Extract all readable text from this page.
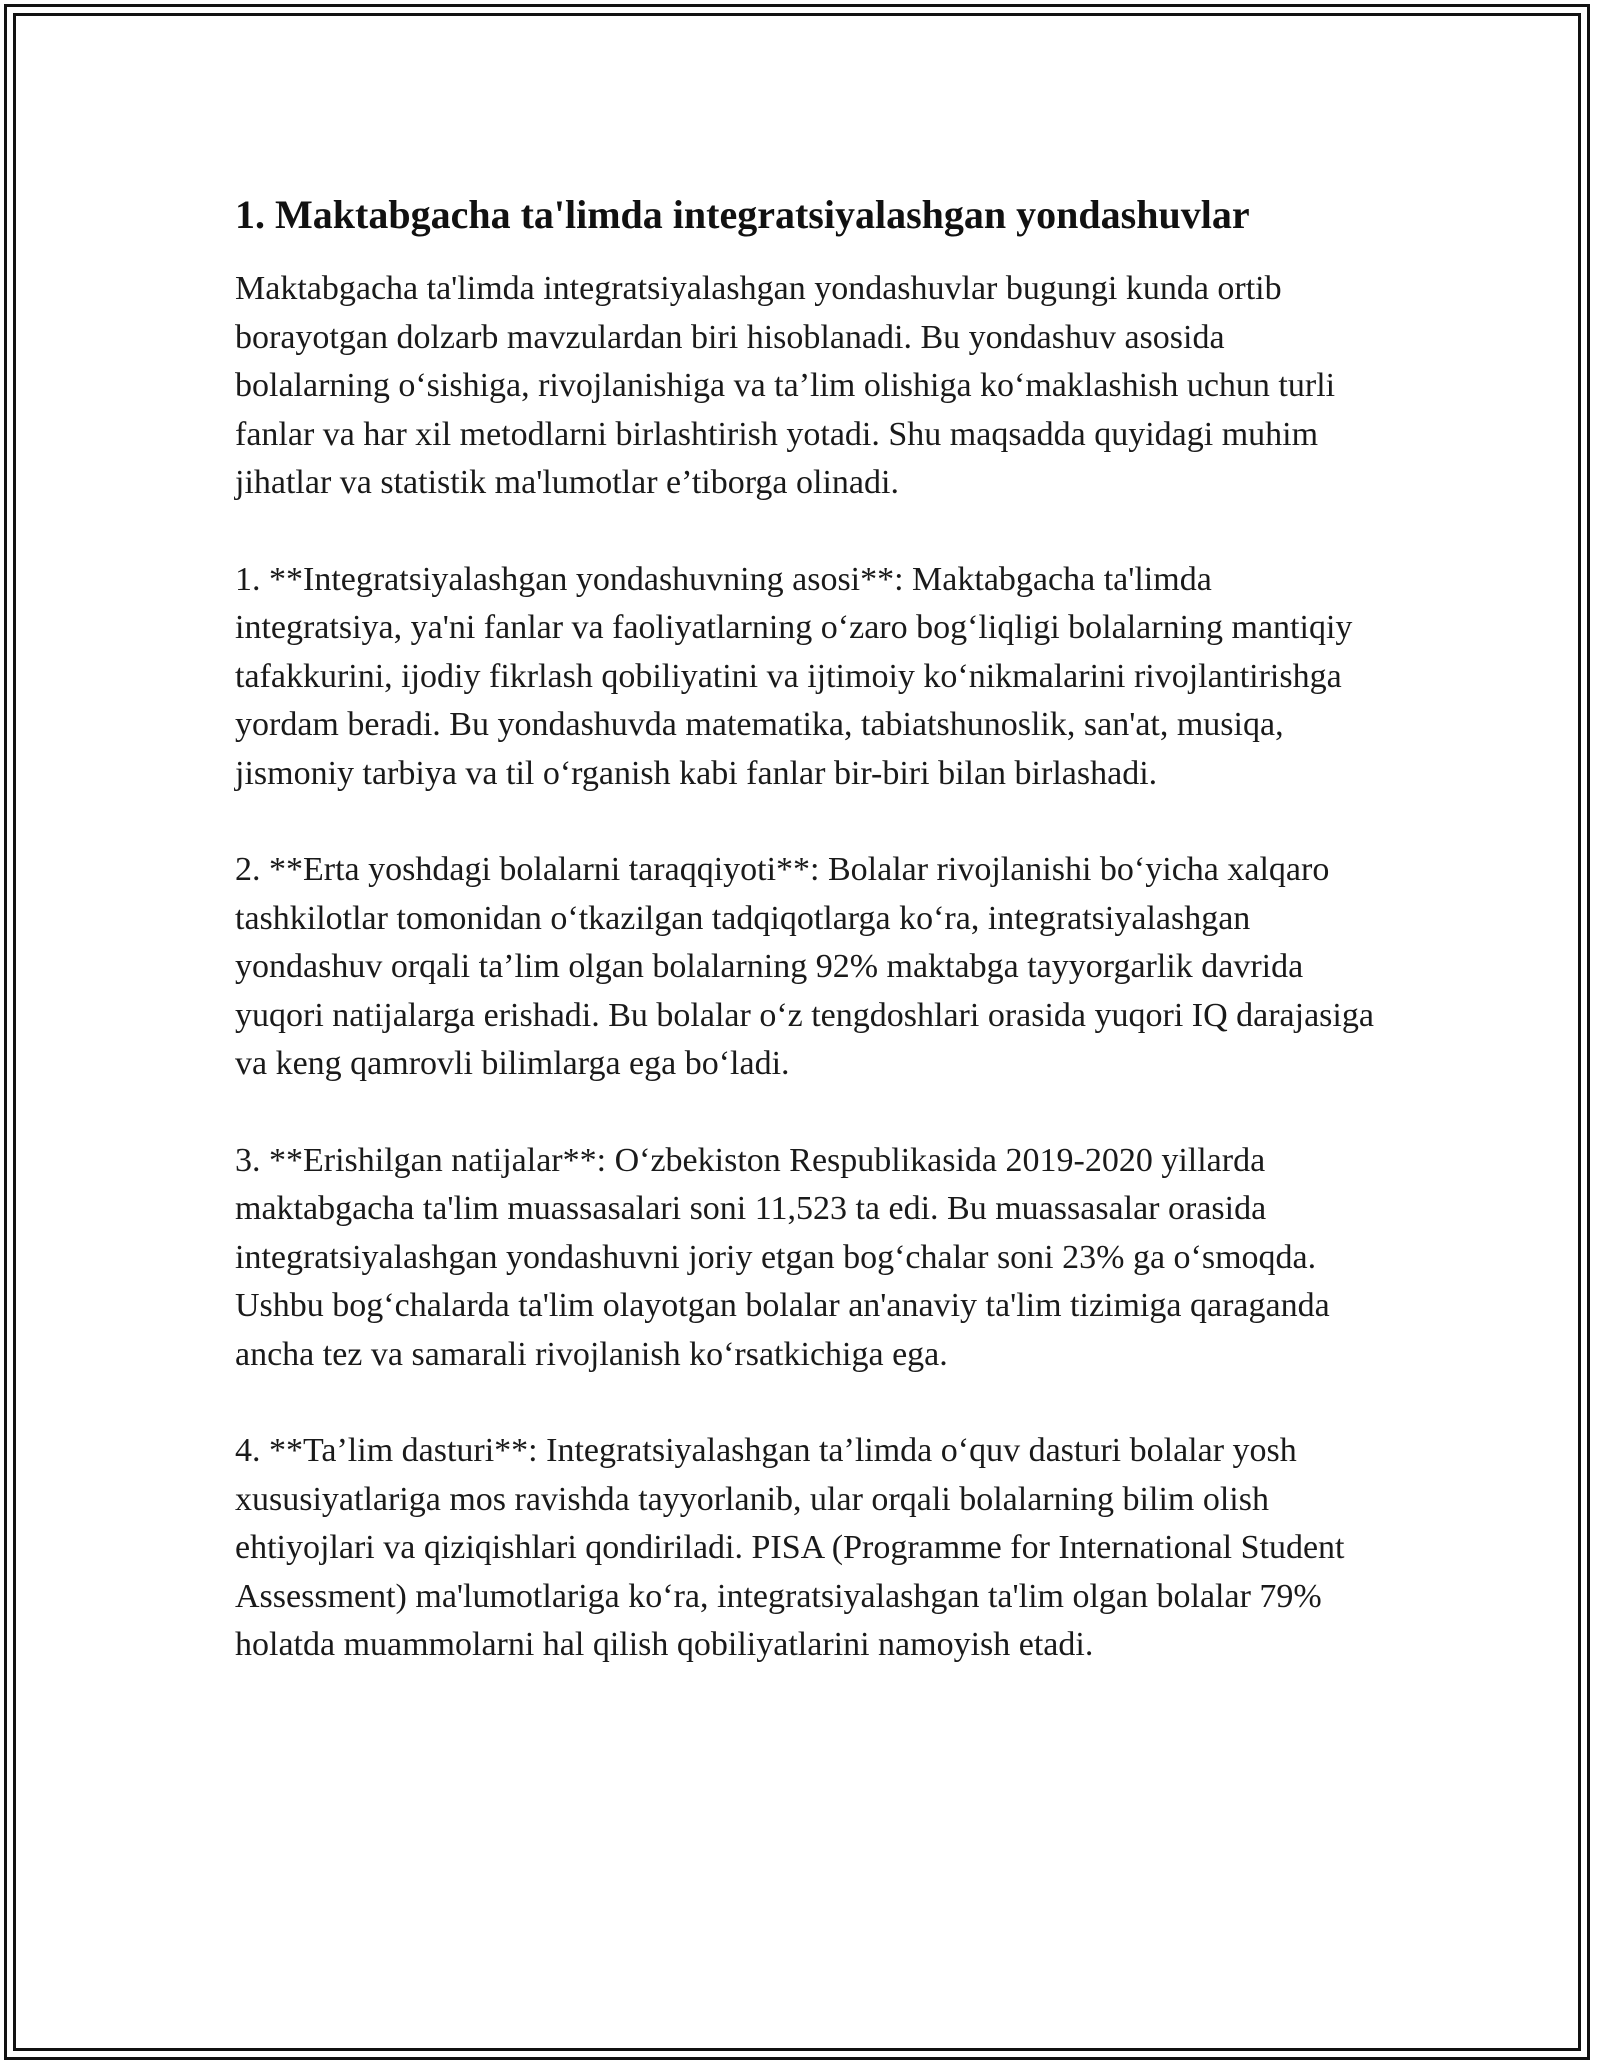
1. Maktabgacha ta'limda integratsiyalashgan yondashuvlar

Maktabgacha ta'limda integratsiyalashgan yondashuvlar bugungi kunda ortib borayotgan dolzarb mavzulardan biri hisoblanadi. Bu yondashuv asosida bolalarning o‘sishiga, rivojlanishiga va ta’lim olishiga ko‘maklashish uchun turli fanlar va har xil metodlarni birlashtirish yotadi. Shu maqsadda quyidagi muhim jihatlar va statistik ma'lumotlar e’tiborga olinadi.

1. **Integratsiyalashgan yondashuvning asosi**: Maktabgacha ta'limda integratsiya, ya'ni fanlar va faoliyatlarning o‘zaro bog‘liqligi bolalarning mantiqiy tafakkurini, ijodiy fikrlash qobiliyatini va ijtimoiy ko‘nikmalarini rivojlantirishga yordam beradi. Bu yondashuvda matematika, tabiatshunoslik, san'at, musiqa, jismoniy tarbiya va til o‘rganish kabi fanlar bir-biri bilan birlashadi.

2. **Erta yoshdagi bolalarni taraqqiyoti**: Bolalar rivojlanishi bo‘yicha xalqaro tashkilotlar tomonidan o‘tkazilgan tadqiqotlarga ko‘ra, integratsiyalashgan yondashuv orqali ta’lim olgan bolalarning 92% maktabga tayyorgarlik davrida yuqori natijalarga erishadi. Bu bolalar o‘z tengdoshlari orasida yuqori IQ darajasiga va keng qamrovli bilimlarga ega bo‘ladi.

3. **Erishilgan natijalar**: O‘zbekiston Respublikasida 2019-2020 yillarda maktabgacha ta'lim muassasalari soni 11,523 ta edi. Bu muassasalar orasida integratsiyalashgan yondashuvni joriy etgan bog‘chalar soni 23% ga o‘smoqda. Ushbu bog‘chalarda ta'lim olayotgan bolalar an'anaviy ta'lim tizimiga qaraganda ancha tez va samarali rivojlanish ko‘rsatkichiga ega.

4. **Ta’lim dasturi**: Integratsiyalashgan ta’limda o‘quv dasturi bolalar yosh xususiyatlariga mos ravishda tayyorlanib, ular orqali bolalarning bilim olish ehtiyojlari va qiziqishlari qondiriladi. PISA (Programme for International Student Assessment) ma'lumotlariga ko‘ra, integratsiyalashgan ta'lim olgan bolalar 79% holatda muammolarni hal qilish qobiliyatlarini namoyish etadi.
